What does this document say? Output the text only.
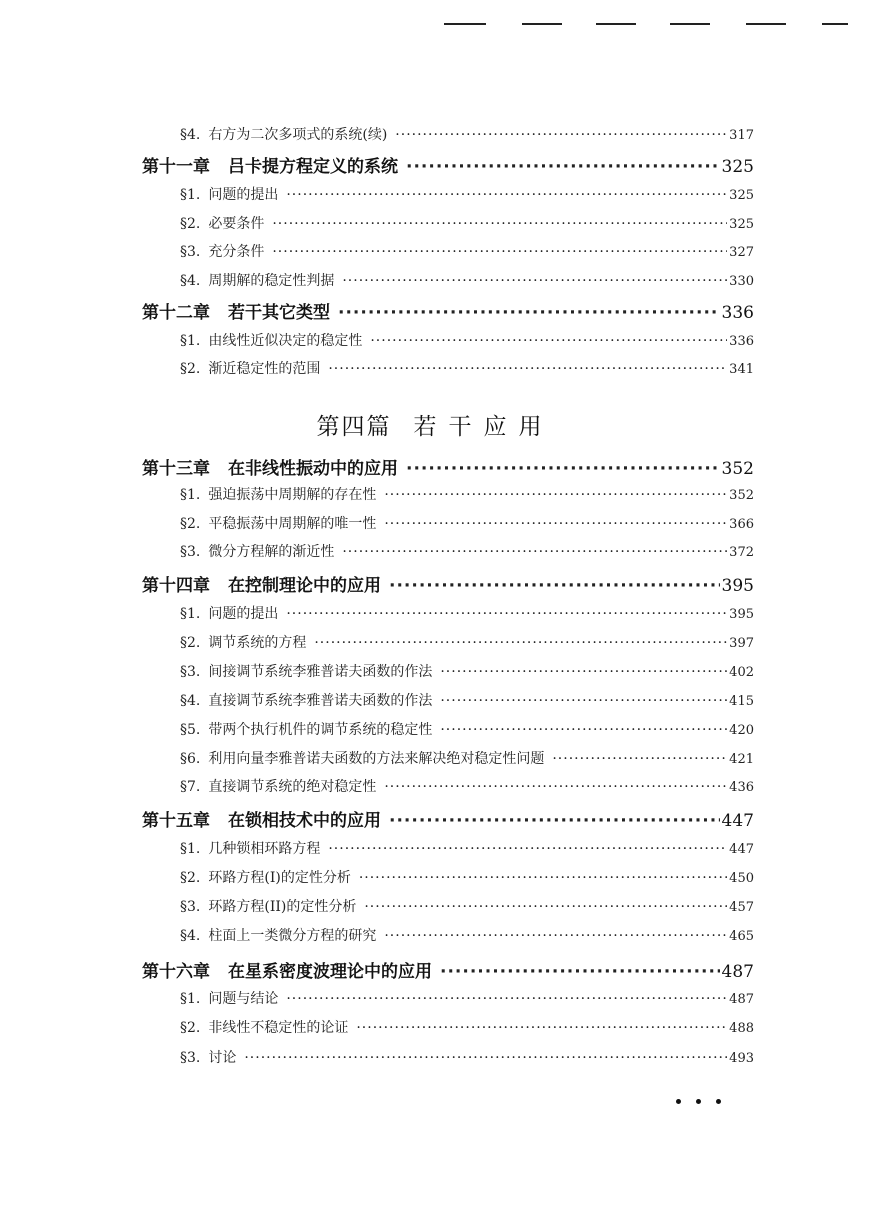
§4. 右方为二次多项式的系统(续) ·····	317
第十一章 吕卡提方程定义的系统 ·····	325
§1. 问题的提出 ·····	325
§2. 必要条件 ·····	325
§3. 充分条件 ·····	327
§4. 周期解的稳定性判据 ·····	330
第十二章 若干其它类型 ·····	336
§1. 由线性近似决定的稳定性 ·····	336
§2. 渐近稳定性的范围 ·····	341
第十三章 在非线性振动中的应用 ·····	352
§1. 强迫振荡中周期解的存在性 ·····	352
§2. 平稳振荡中周期解的唯一性 ·····	366
§3. 微分方程解的渐近性 ·····	372
第十四章 在控制理论中的应用 ·····	395
§1. 问题的提出 ·····	395
§2. 调节系统的方程 ·····	397
§3. 间接调节系统李雅普诺夫函数的作法 ·····	402
§4. 直接调节系统李雅普诺夫函数的作法 ·····	415
§5. 带两个执行机件的调节系统的稳定性 ·····	420
§6. 利用向量李雅普诺夫函数的方法来解决绝对稳定性问题 ·····	421
§7. 直接调节系统的绝对稳定性 ·····	436
第十五章 在锁相技术中的应用 ·····	447
§1. 几种锁相环路方程 ·····	447
§2. 环路方程(I)的定性分析 ·····	450
§3. 环路方程(II)的定性分析 ·····	457
§4. 柱面上一类微分方程的研究 ·····	465
第十六章 在星系密度波理论中的应用 ·····	487
§1. 问题与结论 ·····	487
§2. 非线性不稳定性的论证 ·····	488
§3. 讨论 ·····	493
第四篇 若干应用
